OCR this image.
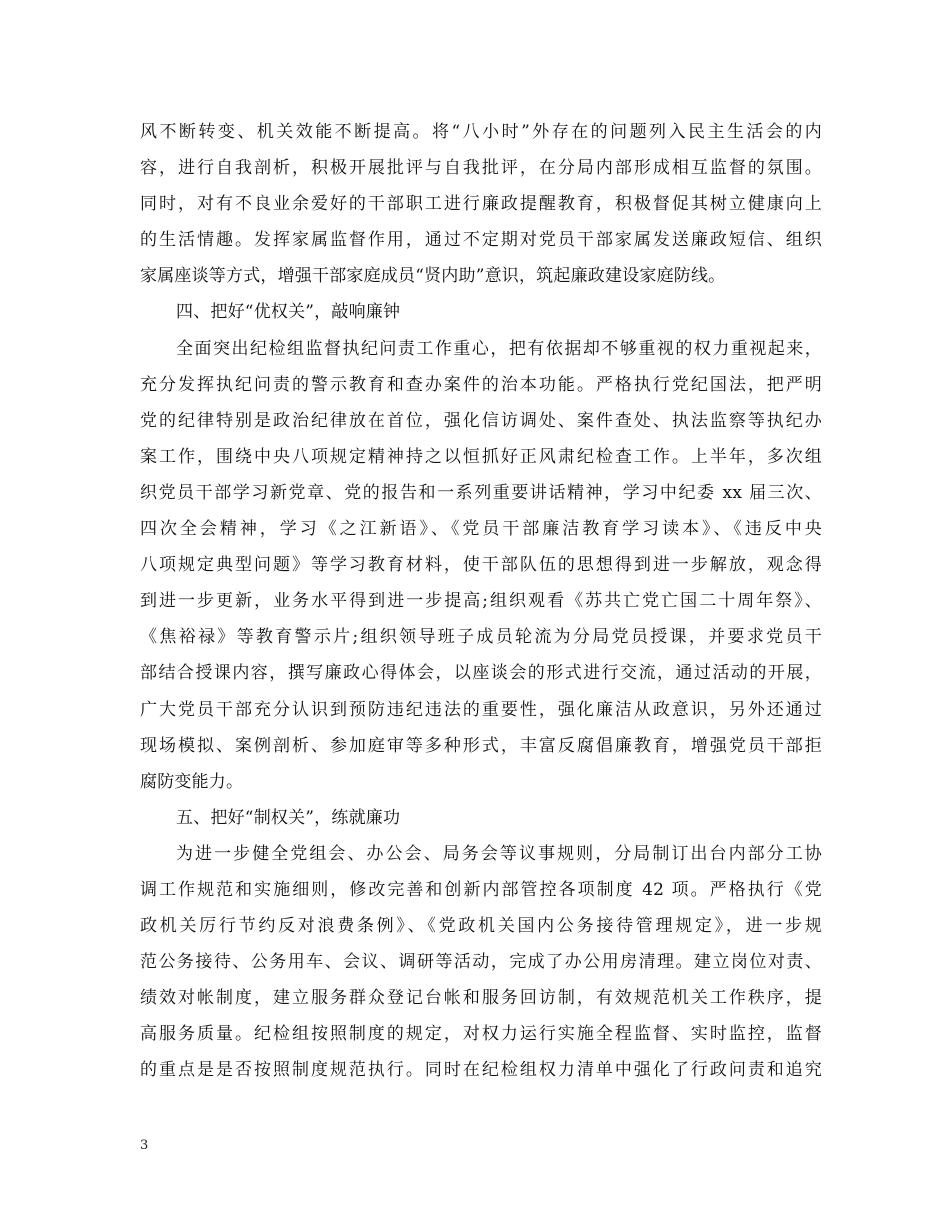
风不断转变、机关效能不断提高。将“八小时”外存在的问题列入民主生活会的内
容，进行自我剖析，积极开展批评与自我批评，在分局内部形成相互监督的氛围。
同时，对有不良业余爱好的干部职工进行廉政提醒教育，积极督促其树立健康向上
的生活情趣。发挥家属监督作用，通过不定期对党员干部家属发送廉政短信、组织
家属座谈等方式，增强干部家庭成员“贤内助”意识，筑起廉政建设家庭防线。
四、把好“优权关”，敲响廉钟
全面突出纪检组监督执纪问责工作重心，把有依据却不够重视的权力重视起来，
充分发挥执纪问责的警示教育和查办案件的治本功能。严格执行党纪国法，把严明
党的纪律特别是政治纪律放在首位，强化信访调处、案件查处、执法监察等执纪办
案工作，围绕中央八项规定精神持之以恒抓好正风肃纪检查工作。上半年，多次组
织党员干部学习新党章、党的报告和一系列重要讲话精神，学习中纪委 xx 届三次、
四次全会精神，学习《之江新语》、《党员干部廉洁教育学习读本》、《违反中央
八项规定典型问题》等学习教育材料，使干部队伍的思想得到进一步解放，观念得
到进一步更新，业务水平得到进一步提高;组织观看《苏共亡党亡国二十周年祭》、
《焦裕禄》等教育警示片;组织领导班子成员轮流为分局党员授课，并要求党员干
部结合授课内容，撰写廉政心得体会，以座谈会的形式进行交流，通过活动的开展，
广大党员干部充分认识到预防违纪违法的重要性，强化廉洁从政意识，另外还通过
现场模拟、案例剖析、参加庭审等多种形式，丰富反腐倡廉教育，增强党员干部拒
腐防变能力。
五、把好“制权关”，练就廉功
为进一步健全党组会、办公会、局务会等议事规则，分局制订出台内部分工协
调工作规范和实施细则，修改完善和创新内部管控各项制度 42 项。严格执行《党
政机关厉行节约反对浪费条例》、《党政机关国内公务接待管理规定》，进一步规
范公务接待、公务用车、会议、调研等活动，完成了办公用房清理。建立岗位对责、
绩效对帐制度，建立服务群众登记台帐和服务回访制，有效规范机关工作秩序，提
高服务质量。纪检组按照制度的规定，对权力运行实施全程监督、实时监控，监督
的重点是是否按照制度规范执行。同时在纪检组权力清单中强化了行政问责和追究
3
